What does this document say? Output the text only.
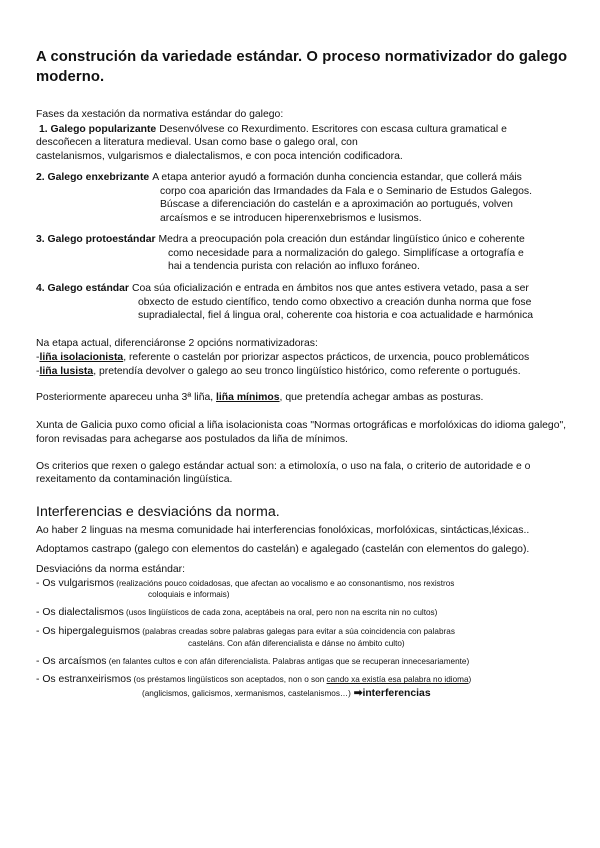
A construción da variedade estándar. O proceso normativizador do galego moderno.
Fases da xestación da normativa estándar do galego:
1. Galego popularizante Desenvólvese co Rexurdimento. Escritores con escasa cultura gramatical e
descoñecen a literatura medieval. Usan como base o galego oral, con
castelanismos, vulgarismos e dialectalismos, e con poca intención codificadora.
2. Galego enxebrizante A etapa anterior ayudó a formación dunha conciencia estandar, que collerá máis
corpo coa aparición das Irmandades da Fala e o Seminario de Estudos Galegos.
Búscase a diferenciación do castelán e a aproximación ao portugués, volven
arcaísmos e se introducen hiperenxebrismos e lusismos.
3. Galego protoestándar Medra a preocupación pola creación dun estándar lingüístico único e coherente
como necesidade para a normalización do galego. Simplifícase a ortografía e
hai a tendencia purista con relación ao influxo foráneo.
4. Galego estándar Coa súa oficialización e entrada en ámbitos nos que antes estivera vetado, pasa a ser
obxecto de estudo científico, tendo como obxectivo a creación dunha norma que fose
supradialectal, fiel á lingua oral, coherente coa historia e coa actualidade e harmónica
Na etapa actual, diferenciáronse 2 opcións normativizadoras:
-liña isolacionista, referente o castelán por priorizar aspectos prácticos, de urxencia, pouco problemáticos
-liña lusista, pretendía devolver o galego ao seu tronco lingüístico histórico, como referente o portugués.
Posteriormente apareceu unha 3ª liña, liña mínimos, que pretendía achegar ambas as posturas.
Xunta de Galicia puxo como oficial a liña isolacionista coas "Normas ortográficas e morfolóxicas do idioma galego", foron revisadas para achegarse aos postulados da liña de mínimos.
Os criterios que rexen o galego estándar actual son: a etimoloxía, o uso na fala, o criterio de autoridade e o rexeitamento da contaminación lingüística.
Interferencias e desviacións da norma.
Ao haber 2 linguas na mesma comunidade hai interferencias fonolóxicas, morfolóxicas, sintácticas,léxicas..
Adoptamos castrapo (galego con elementos do castelán) e agalegado (castelán con elementos do galego).
Desviacións da norma estándar:
- Os vulgarismos (realizacións pouco coidadosas, que afectan ao vocalismo e ao consonantismo, nos rexistros
coloquiais e informais)
- Os dialectalismos (usos lingüísticos de cada zona, aceptábeis na oral, pero non na escrita nin no cultos)
- Os hipergaleguismos (palabras creadas sobre palabras galegas para evitar a súa coincidencia con palabras
casteláns. Con afán diferencialista e dánse no ámbito culto)
- Os arcaísmos (en falantes cultos e con afán diferencialista. Palabras antigas que se recuperan innecesariamente)
- Os estranxeirismos (os préstamos lingüísticos son aceptados, non o son cando xa existía esa palabra no idioma)
(anglicismos, galicismos, xermanismos, castelanismos…) ➡interferencias
